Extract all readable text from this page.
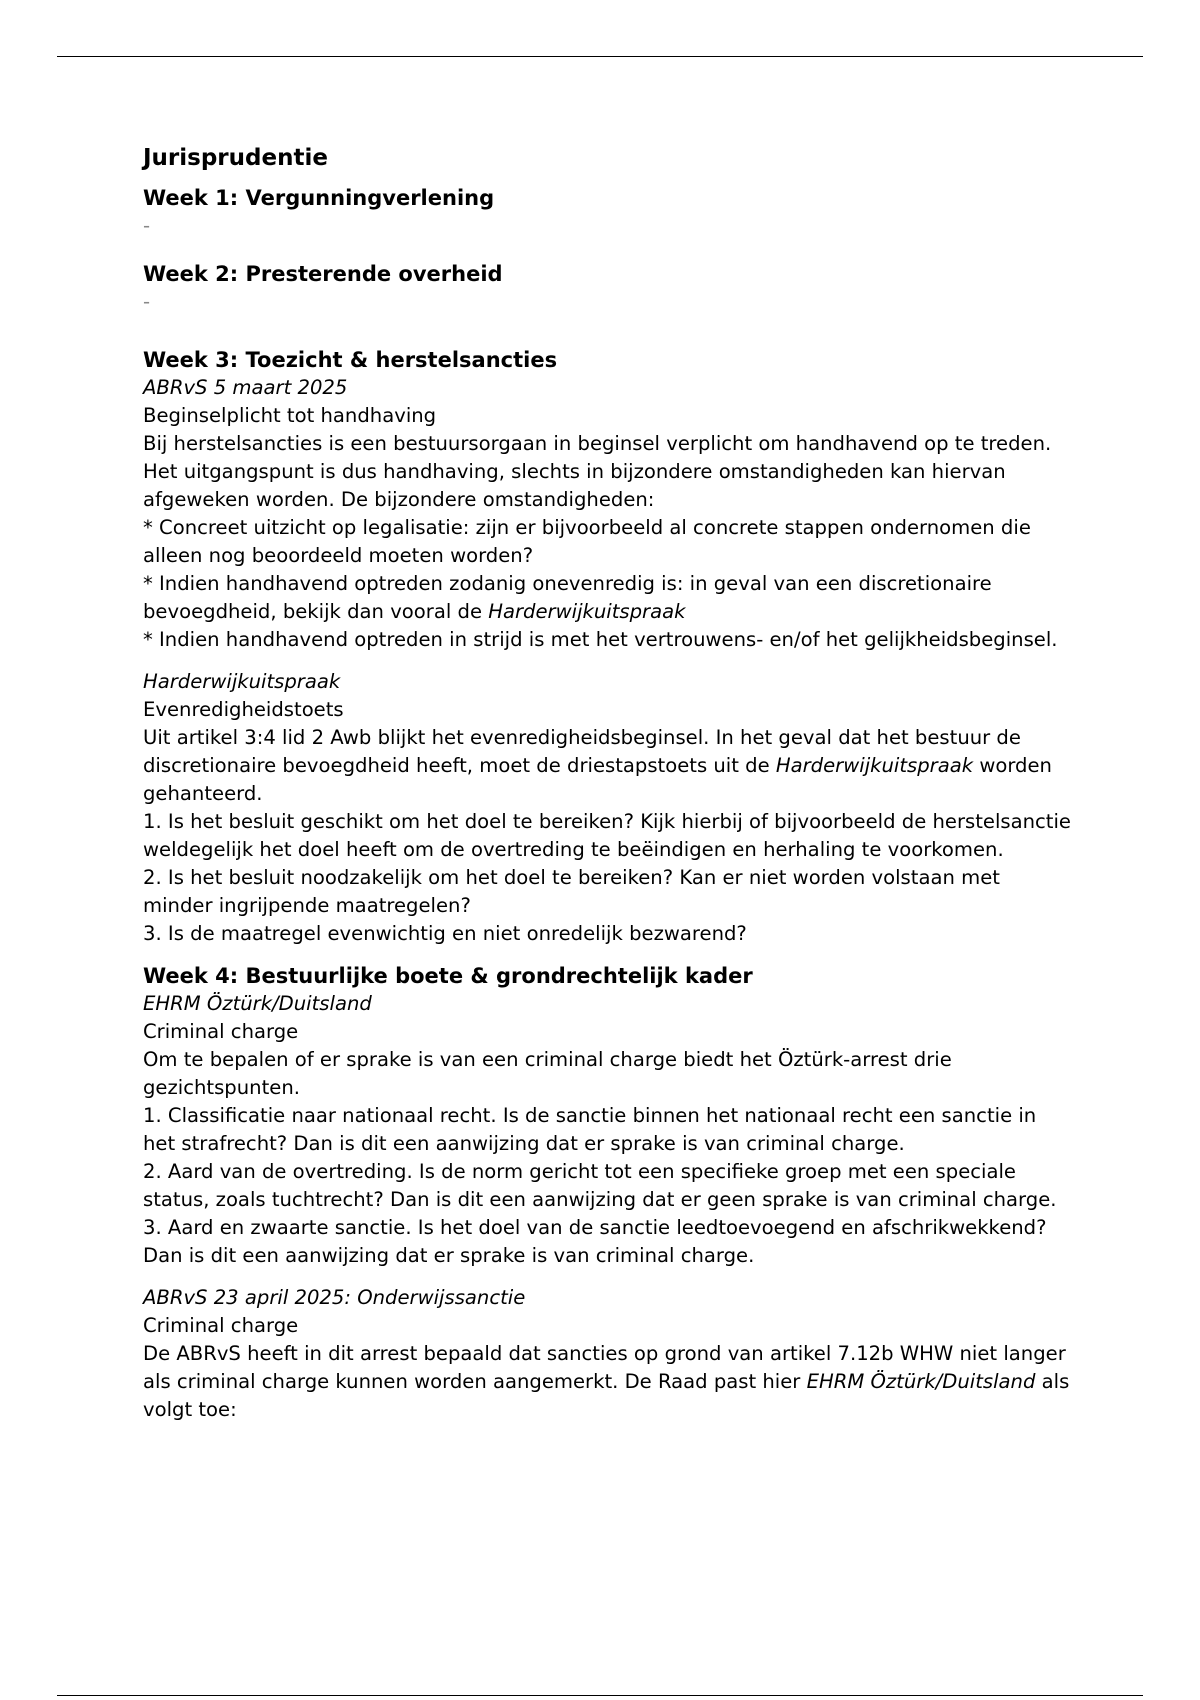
Jurisprudentie
Week 1: Vergunningverlening
-
Week 2: Presterende overheid
-
Week 3: Toezicht & herstelsancties

ABRvS 5 maart 2025

Beginselplicht tot handhaving

Bij herstelsancties is een bestuursorgaan in beginsel verplicht om handhavend op te treden. Het uitgangspunt is dus handhaving, slechts in bijzondere omstandigheden kan hiervan afgeweken worden. De bijzondere omstandigheden:

* Concreet uitzicht op legalisatie: zijn er bijvoorbeeld al concrete stappen ondernomen die alleen nog beoordeeld moeten worden?

* Indien handhavend optreden zodanig onevenredig is: in geval van een discretionaire bevoegdheid, bekijk dan vooral de Harderwijkuitspraak

* Indien handhavend optreden in strijd is met het vertrouwens- en/of het gelijkheidsbeginsel.

Harderwijkuitspraak

Evenredigheidstoets

Uit artikel 3:4 lid 2 Awb blijkt het evenredigheidsbeginsel. In het geval dat het bestuur de discretionaire bevoegdheid heeft, moet de driestapstoets uit de Harderwijkuitspraak worden gehanteerd.

1. Is het besluit geschikt om het doel te bereiken? Kijk hierbij of bijvoorbeeld de herstelsanctie weldegelijk het doel heeft om de overtreding te beëindigen en herhaling te voorkomen.

2. Is het besluit noodzakelijk om het doel te bereiken? Kan er niet worden volstaan met minder ingrijpende maatregelen?

3. Is de maatregel evenwichtig en niet onredelijk bezwarend?

Week 4: Bestuurlijke boete & grondrechtelijk kader

EHRM Öztürk/Duitsland

Criminal charge

Om te bepalen of er sprake is van een criminal charge biedt het Öztürk-arrest drie gezichtspunten.

1. Classificatie naar nationaal recht. Is de sanctie binnen het nationaal recht een sanctie in het strafrecht? Dan is dit een aanwijzing dat er sprake is van criminal charge.

2. Aard van de overtreding. Is de norm gericht tot een specifieke groep met een speciale status, zoals tuchtrecht? Dan is dit een aanwijzing dat er geen sprake is van criminal charge.

3. Aard en zwaarte sanctie. Is het doel van de sanctie leedtoevoegend en afschrikwekkend? Dan is dit een aanwijzing dat er sprake is van criminal charge.

ABRvS 23 april 2025: Onderwijssanctie

Criminal charge

De ABRvS heeft in dit arrest bepaald dat sancties op grond van artikel 7.12b WHW niet langer als criminal charge kunnen worden aangemerkt. De Raad past hier EHRM Öztürk/Duitsland als volgt toe:
